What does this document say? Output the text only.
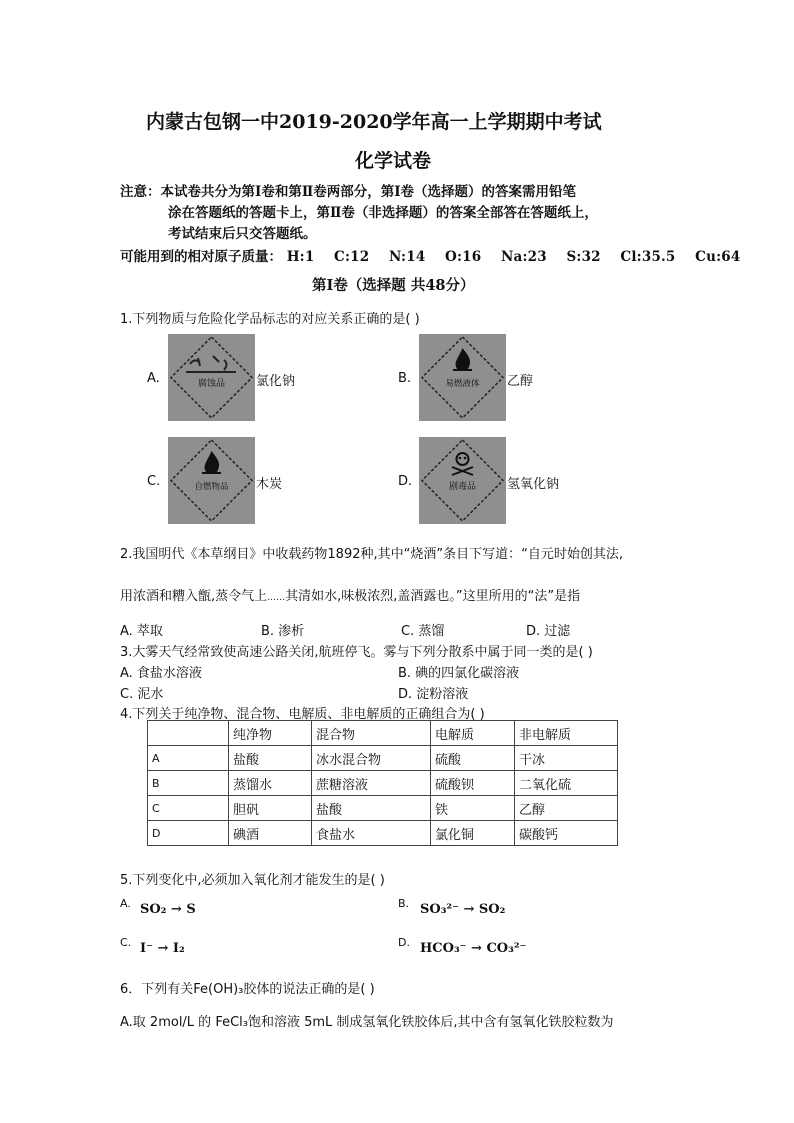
内蒙古包钢一中2019-2020学年高一上学期期中考试
化学试卷
注意：本试卷共分为第Ⅰ卷和第Ⅱ卷两部分，第Ⅰ卷（选择题）的答案需用铅笔
涂在答题纸的答题卡上，第Ⅱ卷（非选择题）的答案全部答在答题纸上，
考试结束后只交答题纸。
可能用到的相对原子质量： H:1 C:12 N:14 O:16 Na:23 S:32 Cl:35.5 Cu:64
第Ⅰ卷（选择题 共48分）
1.下列物质与危险化学品标志的对应关系正确的是( )
A.	腐蚀品 氯化钠	B.	易燃液体 乙醇
C.	自燃物品 木炭	D.	剧毒品 氢氧化钠
2.我国明代《本草纲目》中收载药物1892种,其中“烧酒”条目下写道：“自元时始创其法,
用浓酒和糟入甑,蒸令气上……其清如水,味极浓烈,盖酒露也。”这里所用的“法”是指
A. 萃取	B. 渗析	C. 蒸馏	D. 过滤
3.大雾天气经常致使高速公路关闭,航班停飞。雾与下列分散系中属于同一类的是( )
A. 食盐水溶液	B. 碘的四氯化碳溶液
C. 泥水	D. 淀粉溶液
4.下列关于纯净物、混合物、电解质、非电解质的正确组合为( )
	纯净物	混合物	电解质	非电解质
A	盐酸	冰水混合物	硫酸	干冰
B	蒸馏水	蔗糖溶液	硫酸钡	二氧化硫
C	胆矾	盐酸	铁	乙醇
D	碘酒	食盐水	氯化铜	碳酸钙
5.下列变化中,必须加入氧化剂才能发生的是( )
A. SO₂ → S	B. SO₃²⁻ → SO₂
C. I⁻ → I₂	D. HCO₃⁻ → CO₃²⁻
6．下列有关Fe(OH)₃胶体的说法正确的是( )
A.取 2mol/L 的 FeCl₃饱和溶液 5mL 制成氢氧化铁胶体后,其中含有氢氧化铁胶粒数为
